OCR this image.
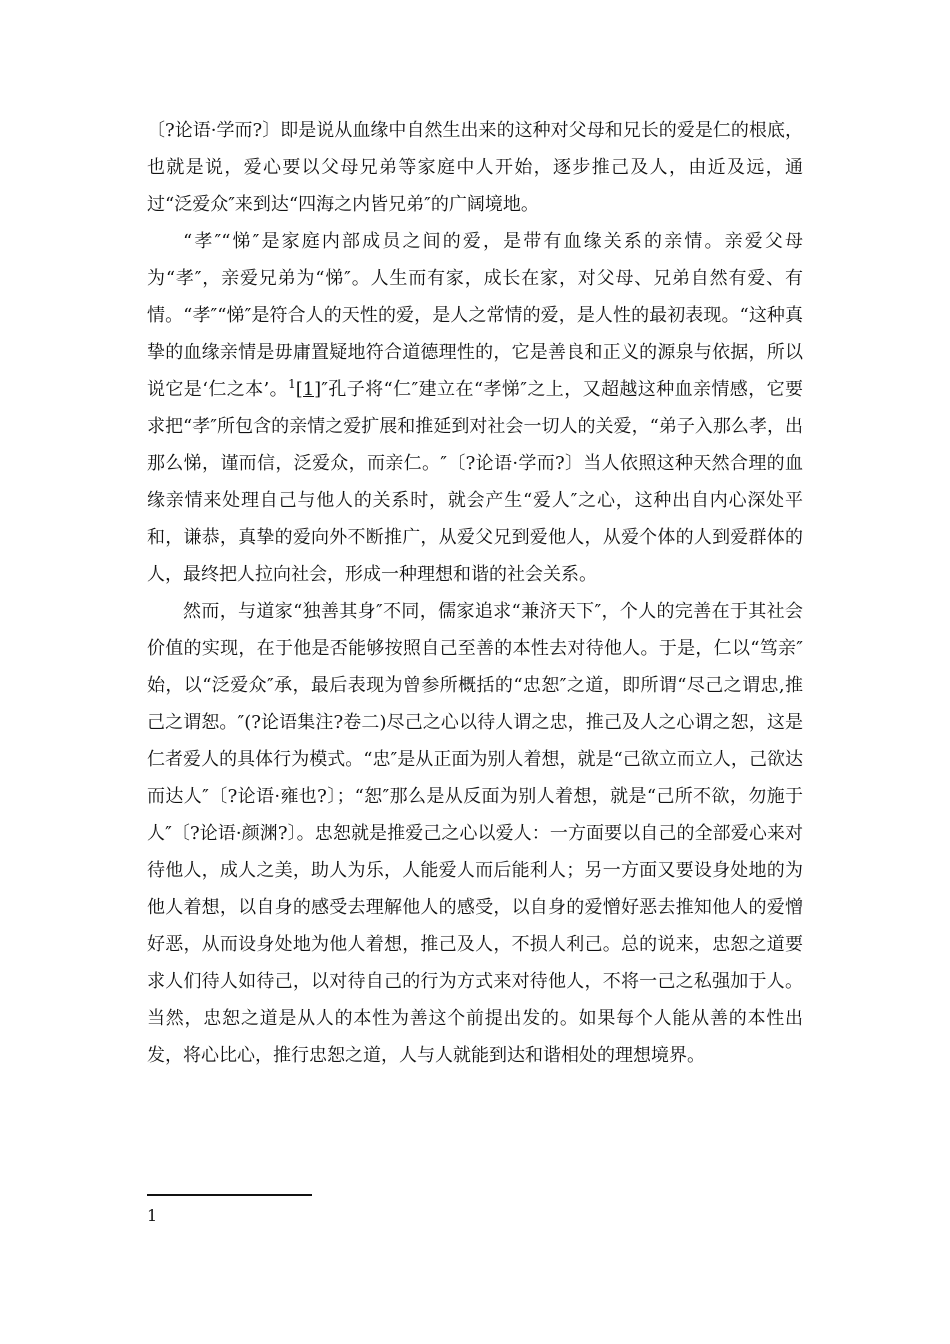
〔?论语·学而?〕即是说从血缘中自然生出来的这种对父母和兄长的爱是仁的根底，也就是说，爱心要以父母兄弟等家庭中人开始，逐步推己及人，由近及远，通过“泛爱众″来到达“四海之内皆兄弟″的广阔境地。

“孝″“悌″是家庭内部成员之间的爱，是带有血缘关系的亲情。亲爱父母为“孝″，亲爱兄弟为“悌″。人生而有家，成长在家，对父母、兄弟自然有爱、有情。“孝″“悌″是符合人的天性的爱，是人之常情的爱，是人性的最初表现。“这种真挚的血缘亲情是毋庸置疑地符合道德理性的，它是善良和正义的源泉与依据，所以说它是‘仁之本’。$^1$[1]″孔子将“仁″建立在“孝悌″之上，又超越这种血亲情感，它要求把“孝″所包含的亲情之爱扩展和推延到对社会一切人的关爱，“弟子入那么孝，出那么悌，谨而信，泛爱众，而亲仁。″〔?论语·学而?〕当人依照这种天然合理的血缘亲情来处理自己与他人的关系时，就会产生“爱人″之心，这种出自内心深处平和，谦恭，真挚的爱向外不断推广，从爱父兄到爱他人，从爱个体的人到爱群体的人，最终把人拉向社会，形成一种理想和谐的社会关系。

然而，与道家“独善其身″不同，儒家追求“兼济天下″，个人的完善在于其社会价值的实现，在于他是否能够按照自己至善的本性去对待他人。于是，仁以“笃亲″始，以“泛爱众″承，最后表现为曾参所概括的“忠恕″之道，即所谓“尽己之谓忠,推己之谓恕。″(?论语集注?卷二)尽己之心以待人谓之忠，推己及人之心谓之恕，这是仁者爱人的具体行为模式。“忠″是从正面为别人着想，就是“己欲立而立人，己欲达而达人″〔?论语·雍也?〕；“恕″那么是从反面为别人着想，就是“己所不欲，勿施于人″〔?论语·颜渊?〕。忠恕就是推爱己之心以爱人：一方面要以自己的全部爱心来对待他人，成人之美，助人为乐，人能爱人而后能利人；另一方面又要设身处地的为他人着想，以自身的感受去理解他人的感受，以自身的爱憎好恶去推知他人的爱憎好恶，从而设身处地为他人着想，推己及人，不损人利己。总的说来，忠恕之道要求人们待人如待己，以对待自己的行为方式来对待他人，不将一己之私强加于人。当然，忠恕之道是从人的本性为善这个前提出发的。如果每个人能从善的本性出发，将心比心，推行忠恕之道，人与人就能到达和谐相处的理想境界。

1
